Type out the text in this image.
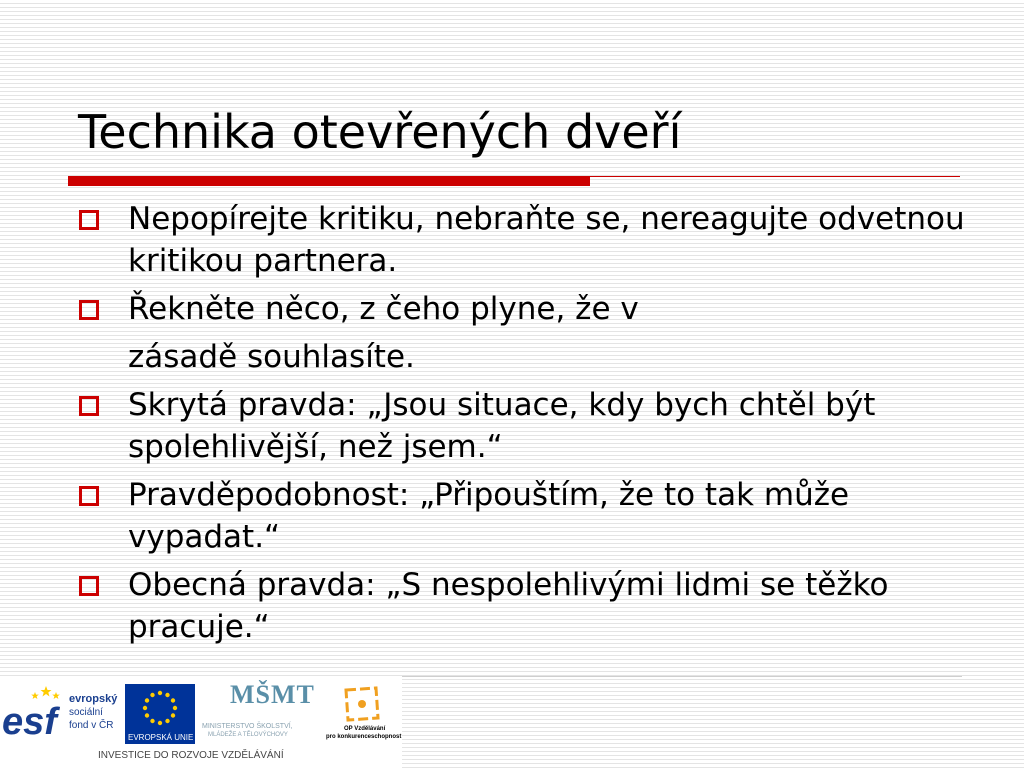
Technika otevřených dveří
Nepopírejte kritiku, nebraňte se, nereagujte odvetnou kritikou partnera.
Řekněte něco, z čeho plyne, že v
zásadě souhlasíte.
Skrytá pravda: „Jsou situace, kdy bych chtěl být spolehlivější, než jsem.“
Pravděpodobnost: „Připouštím, že to tak může vypadat.“
Obecná pravda: „S nespolehlivými lidmi se těžko pracuje.“
esf

evropský

sociální

fond v ČR

EVROPSKÁ UNIE

MŠMT

MINISTERSTVO ŠKOLSTVÍ,

MLÁDEŽE A TĚLOVÝCHOVY

OP Vzdělávání

pro konkurenceschopnost

INVESTICE DO ROZVOJE VZDĚLÁVÁNÍ
